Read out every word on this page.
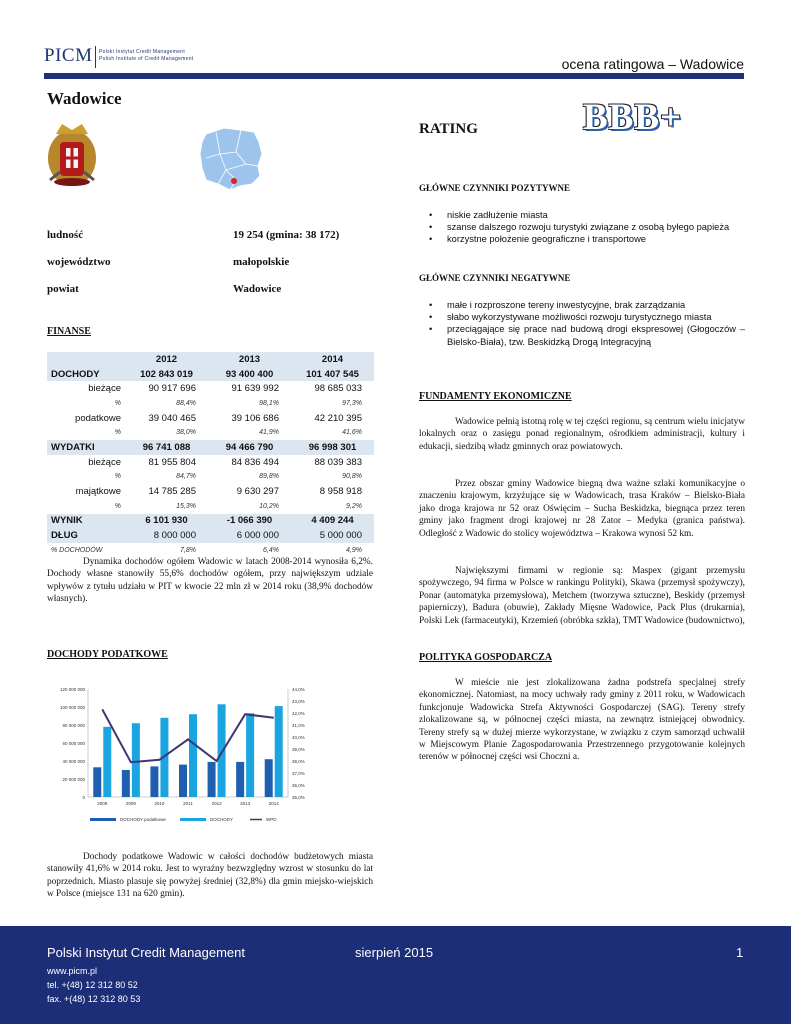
PICM Polski Instytut Credit Management
Polish Institute of Credit Management	ocena ratingowa – Wadowice
Wadowice
RATING	BBB+
ludność	19 254 (gmina: 38 172)
województwo	małopolskie
powiat	Wadowice
FINANSE
	2012	2013	2014
DOCHODY	102 843 019	93 400 400	101 407 545
bieżące	90 917 696	91 639 992	98 685 033
%	88,4%	98,1%	97,3%
podatkowe	39 040 465	39 106 686	42 210 395
%	38,0%	41,9%	41,6%
WYDATKI	96 741 088	94 466 790	96 998 301
bieżące	81 955 804	84 836 494	88 039 383
%	84,7%	89,8%	90,8%
majątkowe	14 785 285	9 630 297	8 958 918
%	15,3%	10,2%	9,2%
WYNIK	6 101 930	-1 066 390	4 409 244
DŁUG	8 000 000	6 000 000	5 000 000
% DOCHODÓW	7,8%	6,4%	4,9%
Dynamika dochodów ogółem Wadowic w latach 2008-2014 wynosiła 6,2%. Dochody własne stanowiły 55,6% dochodów ogółem, przy największym udziale wpływów z tytułu udziału w PIT w kwocie 22 mln zł w 2014 roku (38,9% dochodów własnych).
DOCHODY PODATKOWE
120 000 000
100 000 000
80 000 000
60 000 000
40 000 000
20 000 000
0
44,0%
43,0%
42,0%
41,0%
40,0%
39,0%
38,0%
37,0%
36,0%
35,0%
2008	2009	2010	2011	2012	2013	2014
DOCHODY podatkowe	DOCHODY	WPD
Dochody podatkowe Wadowic w całości dochodów budżetowych miasta stanowiły 41,6% w 2014 roku. Jest to wyraźny bezwzględny wzrost w stosunku do lat poprzednich. Miasto plasuje się powyżej średniej (32,8%) dla gmin miejsko-wiejskich w Polsce (miejsce 131 na 620 gmin).
GŁÓWNE CZYNNIKI POZYTYWNE
• niskie zadłużenie miasta
• szanse dalszego rozwoju turystyki związane z osobą byłego papieża
• korzystne położenie geograficzne i transportowe
GŁÓWNE CZYNNIKI NEGATYWNE
• małe i rozproszone tereny inwestycyjne, brak zarządzania
• słabo wykorzystywane możliwości rozwoju turystycznego miasta
• przeciągające się prace nad budową drogi ekspresowej (Głogoczów – Bielsko-Biała), tzw. Beskidzką Drogą Integracyjną
FUNDAMENTY EKONOMICZNE
Wadowice pełnią istotną rolę w tej części regionu, są centrum wielu inicjatyw lokalnych oraz o zasięgu ponad regionalnym, ośrodkiem administracji, kultury i edukacji, siedzibą władz gminnych oraz powiatowych.
Przez obszar gminy Wadowice biegną dwa ważne szlaki komunikacyjne o znaczeniu krajowym, krzyżujące się w Wadowicach, trasa Kraków – Bielsko-Biała jako droga krajowa nr 52 oraz Oświęcim – Sucha Beskidzka, biegnąca przez teren gminy jako fragment drogi krajowej nr 28 Zator – Medyka (granica państwa). Odległość z Wadowic do stolicy województwa – Krakowa wynosi 52 km.
Największymi firmami w regionie są: Maspex (gigant przemysłu spożywczego, 94 firma w Polsce w rankingu Polityki), Skawa (przemysł spożywczy), Ponar (automatyka przemysłowa), Metchem (tworzywa sztuczne), Beskidy (przemysł papierniczy), Badura (obuwie), Zakłady Mięsne Wadowice, Pack Plus (drukarnia), Polski Lek (farmaceutyki), Krzemień (obróbka szkła), TMT Wadowice (budownictwo),
POLITYKA GOSPODARCZA
W mieście nie jest zlokalizowana żadna podstrefa specjalnej strefy ekonomicznej. Natomiast, na mocy uchwały rady gminy z 2011 roku, w Wadowicach funkcjonuje Wadowicka Strefa Aktywności Gospodarczej (SAG). Tereny strefy zlokalizowane są, w północnej części miasta, na zewnątrz istniejącej obwodnicy. Tereny strefy są w dużej mierze wykorzystane, w związku z czym samorząd uchwalił w Miejscowym Planie Zagospodarowania Przestrzennego przygotowanie kolejnych terenów w północnej części wsi Choczni a.
Polski Instytut Credit Management	sierpień 2015	1
www.picm.pl
tel. +(48) 12 312 80 52
fax. +(48) 12 312 80 53
